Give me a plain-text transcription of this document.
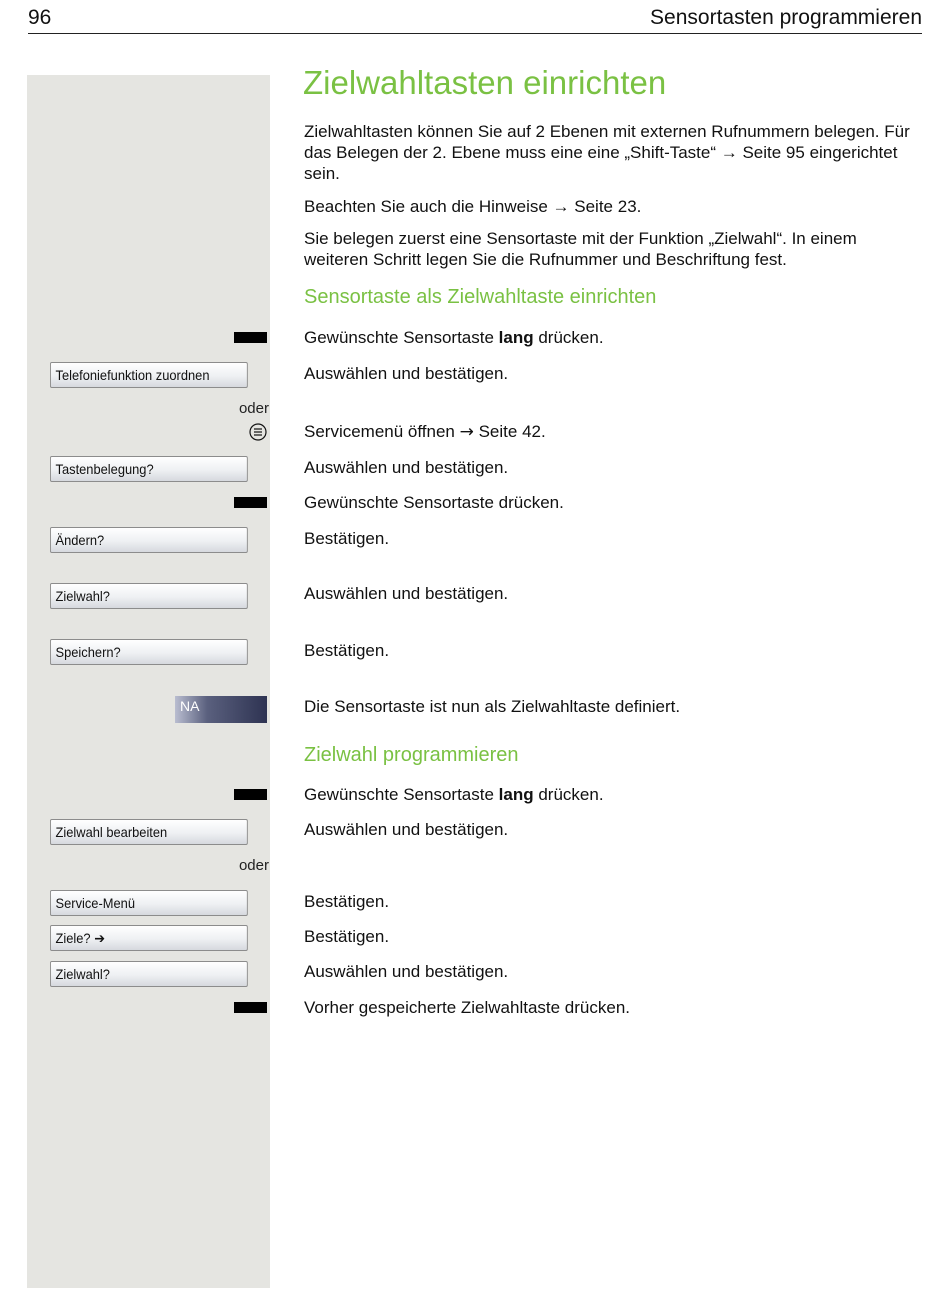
96	Sensortasten programmieren
Zielwahltasten einrichten

Zielwahltasten können Sie auf 2 Ebenen mit externen Rufnummern belegen. Für das Belegen der 2. Ebene muss eine eine „Shift-Taste“ → Seite 95 eingerichtet sein.

Beachten Sie auch die Hinweise → Seite 23.

Sie belegen zuerst eine Sensortaste mit der Funktion „Zielwahl“. In einem weiteren Schritt legen Sie die Rufnummer und Beschriftung fest.

Sensortaste als Zielwahltaste einrichten
Gewünschte Sensortaste lang drücken.
Telefoniefunktion zuordnen	Auswählen und bestätigen.
oder
Servicemenü öffnen → Seite 42.
Tastenbelegung?	Auswählen und bestätigen.
Gewünschte Sensortaste drücken.
Ändern?	Bestätigen.
Zielwahl?	Auswählen und bestätigen.
Speichern?	Bestätigen.
NA	Die Sensortaste ist nun als Zielwahltaste definiert.
Zielwahl programmieren
Gewünschte Sensortaste lang drücken.
Zielwahl bearbeiten	Auswählen und bestätigen.
oder
Service-Menü	Bestätigen.
Ziele? ➔	Bestätigen.
Zielwahl?	Auswählen und bestätigen.
Vorher gespeicherte Zielwahltaste drücken.
